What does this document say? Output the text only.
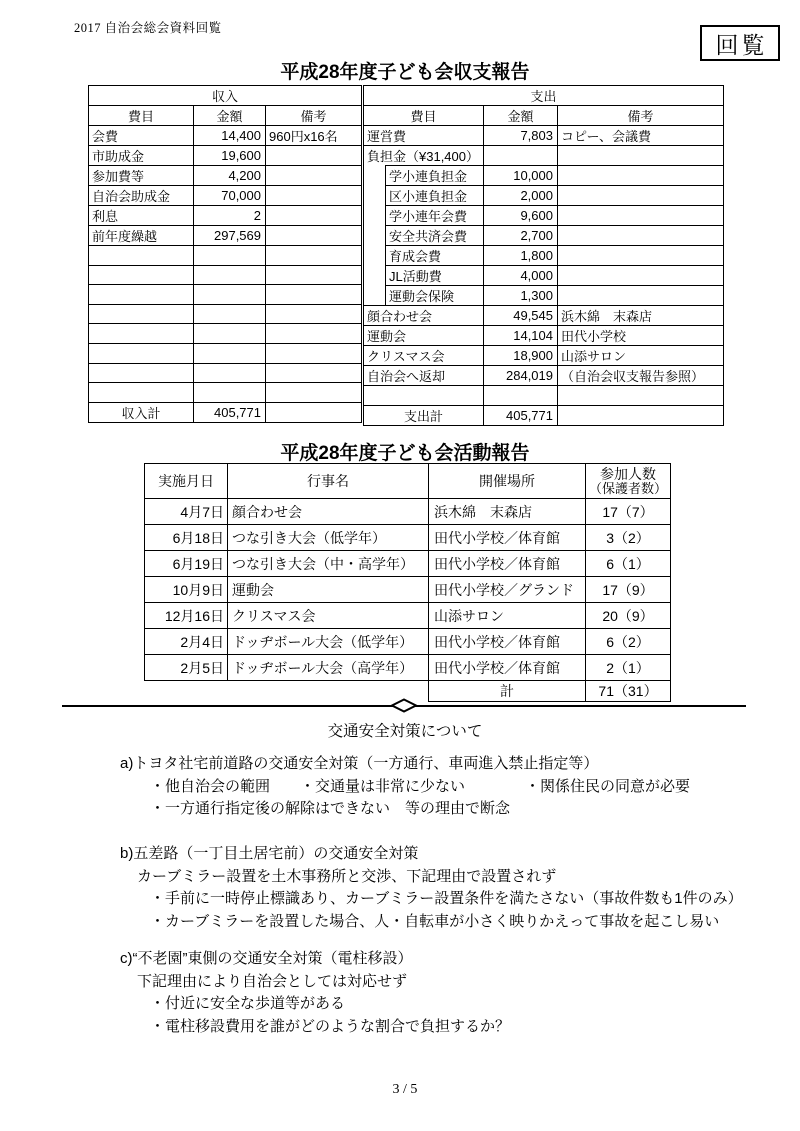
2017 自治会総会資料回覧
回覧
平成28年度子ども会収支報告
収入		
費目	金額	備考
会費	14,400	960円x16名
市助成金	19,600	
参加費等	4,200	
自治会助成金	70,000	
利息	2	
前年度繰越	297,569	

収入計	405,771	
支出			
費目		金額	備考
運営費		7,803	コピー、会議費
負担金（¥31,400）			
	学小連負担金	10,000	
	区小連負担金	2,000	
	学小連年会費	9,600	
	安全共済会費	2,700	
	育成会費	1,800	
	JL活動費	4,000	
	運動会保険	1,300	
顔合わせ会		49,545	浜木綿　末森店
運動会		14,104	田代小学校
クリスマス会		18,900	山添サロン
自治会へ返却		284,019	（自治会収支報告参照）

支出計		405,771	
平成28年度子ども会活動報告
実施月日	行事名	開催場所	参加人数
（保護者数）

4月7日	顔合わせ会	浜木綿　末森店	17（7）
6月18日	つな引き大会（低学年）	田代小学校／体育館	3（2）
6月19日	つな引き大会（中・高学年）	田代小学校／体育館	6（1）
10月9日	運動会	田代小学校／グランド	17（9）
12月16日	クリスマス会	山添サロン	20（9）
2月4日	ドッヂボール大会（低学年）	田代小学校／体育館	6（2）
2月5日	ドッヂボール大会（高学年）	田代小学校／体育館	2（1）
		計	71（31）
交通安全対策について
a)トヨタ社宅前道路の交通安全対策（一方通行、車両進入禁止指定等）
・他自治会の範囲　　・交通量は非常に少ない　　　　・関係住民の同意が必要
・一方通行指定後の解除はできない　等の理由で断念
b)五差路（一丁目土居宅前）の交通安全対策
カーブミラー設置を土木事務所と交渉、下記理由で設置されず
・手前に一時停止標識あり、カーブミラー設置条件を満たさない（事故件数も1件のみ）
・カーブミラーを設置した場合、人・自転車が小さく映りかえって事故を起こし易い
c)“不老園”東側の交通安全対策（電柱移設）
下記理由により自治会としては対応せず
・付近に安全な歩道等がある
・電柱移設費用を誰がどのような割合で負担するか？
3 / 5
